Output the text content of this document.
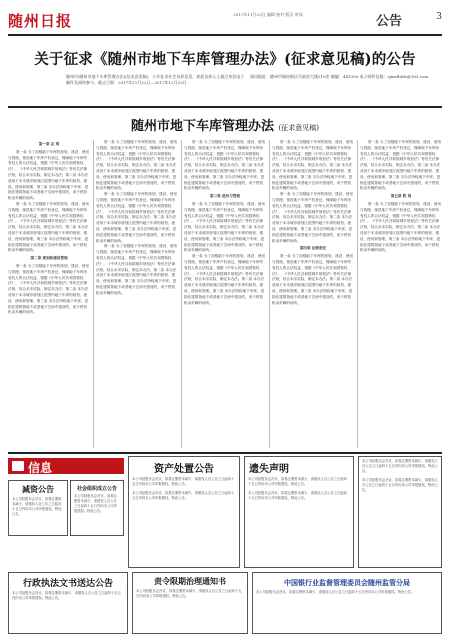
随州日报	2017年11月23日 编辑 校对 版式 审读	公告	3
关于征求《随州市地下车库管理办法》(征求意见稿)的公告
随州市(随州市地下车库管理办法)(征求意见稿)，公开征求社会各界意见，欢迎各界人士通过来信电子邮件及网络参与，截止日期：2017年11月22日—2017年12月23日
通讯地址：随州市城南新区市政府大楼316室 邮编：441300 电子邮件信箱：sjmzfbfzb@163.com
随州市地下车库管理办法 (征求意见稿)

第一章 总 则

第一条 为了加强地下车库的规划、建设、使用与管理，规范地下车库产权登记，保障地下车库所有权人的合法权益，根据《中华人民共和国物权法》、《中华人民共和国城乡规划法》等有关法律法规，结合本市实际，制定本办法。第二条 本办法适用于本市城市规划区范围内地下车库的规划、建设、使用和管理。第三条 本办法所称地下车库，是指在建筑物地下或者地下空间中建设的，用于停放机动车辆的场所。

第一条 为了加强地下车库的规划、建设、使用与管理，规范地下车库产权登记，保障地下车库所有权人的合法权益，根据《中华人民共和国物权法》、《中华人民共和国城乡规划法》等有关法律法规，结合本市实际，制定本办法。第二条 本办法适用于本市城市规划区范围内地下车库的规划、建设、使用和管理。第三条 本办法所称地下车库，是指在建筑物地下或者地下空间中建设的，用于停放机动车辆的场所。

第二章 规划和建设管理

第一条 为了加强地下车库的规划、建设、使用与管理，规范地下车库产权登记，保障地下车库所有权人的合法权益，根据《中华人民共和国物权法》、《中华人民共和国城乡规划法》等有关法律法规，结合本市实际，制定本办法。第二条 本办法适用于本市城市规划区范围内地下车库的规划、建设、使用和管理。第三条 本办法所称地下车库，是指在建筑物地下或者地下空间中建设的，用于停放机动车辆的场所。

第一条 为了加强地下车库的规划、建设、使用与管理，规范地下车库产权登记，保障地下车库所有权人的合法权益，根据《中华人民共和国物权法》、《中华人民共和国城乡规划法》等有关法律法规，结合本市实际，制定本办法。第二条 本办法适用于本市城市规划区范围内地下车库的规划、建设、使用和管理。第三条 本办法所称地下车库，是指在建筑物地下或者地下空间中建设的，用于停放机动车辆的场所。

第一条 为了加强地下车库的规划、建设、使用与管理，规范地下车库产权登记，保障地下车库所有权人的合法权益，根据《中华人民共和国物权法》、《中华人民共和国城乡规划法》等有关法律法规，结合本市实际，制定本办法。第二条 本办法适用于本市城市规划区范围内地下车库的规划、建设、使用和管理。第三条 本办法所称地下车库，是指在建筑物地下或者地下空间中建设的，用于停放机动车辆的场所。

第一条 为了加强地下车库的规划、建设、使用与管理，规范地下车库产权登记，保障地下车库所有权人的合法权益，根据《中华人民共和国物权法》、《中华人民共和国城乡规划法》等有关法律法规，结合本市实际，制定本办法。第二条 本办法适用于本市城市规划区范围内地下车库的规划、建设、使用和管理。第三条 本办法所称地下车库，是指在建筑物地下或者地下空间中建设的，用于停放机动车辆的场所。

第一条 为了加强地下车库的规划、建设、使用与管理，规范地下车库产权登记，保障地下车库所有权人的合法权益，根据《中华人民共和国物权法》、《中华人民共和国城乡规划法》等有关法律法规，结合本市实际，制定本办法。第二条 本办法适用于本市城市规划区范围内地下车库的规划、建设、使用和管理。第三条 本办法所称地下车库，是指在建筑物地下或者地下空间中建设的，用于停放机动车辆的场所。

第三章 使用与管理

第一条 为了加强地下车库的规划、建设、使用与管理，规范地下车库产权登记，保障地下车库所有权人的合法权益，根据《中华人民共和国物权法》、《中华人民共和国城乡规划法》等有关法律法规，结合本市实际，制定本办法。第二条 本办法适用于本市城市规划区范围内地下车库的规划、建设、使用和管理。第三条 本办法所称地下车库，是指在建筑物地下或者地下空间中建设的，用于停放机动车辆的场所。

第一条 为了加强地下车库的规划、建设、使用与管理，规范地下车库产权登记，保障地下车库所有权人的合法权益，根据《中华人民共和国物权法》、《中华人民共和国城乡规划法》等有关法律法规，结合本市实际，制定本办法。第二条 本办法适用于本市城市规划区范围内地下车库的规划、建设、使用和管理。第三条 本办法所称地下车库，是指在建筑物地下或者地下空间中建设的，用于停放机动车辆的场所。

第一条 为了加强地下车库的规划、建设、使用与管理，规范地下车库产权登记，保障地下车库所有权人的合法权益，根据《中华人民共和国物权法》、《中华人民共和国城乡规划法》等有关法律法规，结合本市实际，制定本办法。第二条 本办法适用于本市城市规划区范围内地下车库的规划、建设、使用和管理。第三条 本办法所称地下车库，是指在建筑物地下或者地下空间中建设的，用于停放机动车辆的场所。

第一条 为了加强地下车库的规划、建设、使用与管理，规范地下车库产权登记，保障地下车库所有权人的合法权益，根据《中华人民共和国物权法》、《中华人民共和国城乡规划法》等有关法律法规，结合本市实际，制定本办法。第二条 本办法适用于本市城市规划区范围内地下车库的规划、建设、使用和管理。第三条 本办法所称地下车库，是指在建筑物地下或者地下空间中建设的，用于停放机动车辆的场所。

第四章 法律责任

第一条 为了加强地下车库的规划、建设、使用与管理，规范地下车库产权登记，保障地下车库所有权人的合法权益，根据《中华人民共和国物权法》、《中华人民共和国城乡规划法》等有关法律法规，结合本市实际，制定本办法。第二条 本办法适用于本市城市规划区范围内地下车库的规划、建设、使用和管理。第三条 本办法所称地下车库，是指在建筑物地下或者地下空间中建设的，用于停放机动车辆的场所。

第一条 为了加强地下车库的规划、建设、使用与管理，规范地下车库产权登记，保障地下车库所有权人的合法权益，根据《中华人民共和国物权法》、《中华人民共和国城乡规划法》等有关法律法规，结合本市实际，制定本办法。第二条 本办法适用于本市城市规划区范围内地下车库的规划、建设、使用和管理。第三条 本办法所称地下车库，是指在建筑物地下或者地下空间中建设的，用于停放机动车辆的场所。

第五章 附 则

第一条 为了加强地下车库的规划、建设、使用与管理，规范地下车库产权登记，保障地下车库所有权人的合法权益，根据《中华人民共和国物权法》、《中华人民共和国城乡规划法》等有关法律法规，结合本市实际，制定本办法。第二条 本办法适用于本市城市规划区范围内地下车库的规划、建设、使用和管理。第三条 本办法所称地下车库，是指在建筑物地下或者地下空间中建设的，用于停放机动车辆的场所。

信息
减资公告
本公司经股东会决议，拟将注册资本减少，请债权人自公告之日起四十五日内向本公司申报债权。特此公告。
社会组织成立公告
本公司经股东会决议，拟将注册资本减少，请债权人自公告之日起四十五日内向本公司申报债权。特此公告。
资产处置公告
本公司经股东会决议，拟将注册资本减少，请债权人自公告之日起四十五日内向本公司申报债权。特此公告。
本公司经股东会决议，拟将注册资本减少，请债权人自公告之日起四十五日内向本公司申报债权。特此公告。
遗失声明
本公司经股东会决议，拟将注册资本减少，请债权人自公告之日起四十五日内向本公司申报债权。特此公告。
本公司经股东会决议，拟将注册资本减少，请债权人自公告之日起四十五日内向本公司申报债权。特此公告。
本公司经股东会决议，拟将注册资本减少，请债权人自公告之日起四十五日内向本公司申报债权。特此公告。
本公司经股东会决议，拟将注册资本减少，请债权人自公告之日起四十五日内向本公司申报债权。特此公告。
行政执法文书送达公告
本公司经股东会决议，拟将注册资本减少，请债权人自公告之日起四十五日内向本公司申报债权。特此公告。
责令限期治理通知书
本公司经股东会决议，拟将注册资本减少，请债权人自公告之日起四十五日内向本公司申报债权。特此公告。
中国银行业监督管理委员会随州监管分局
本公司经股东会决议，拟将注册资本减少，请债权人自公告之日起四十五日内向本公司申报债权。特此公告。
